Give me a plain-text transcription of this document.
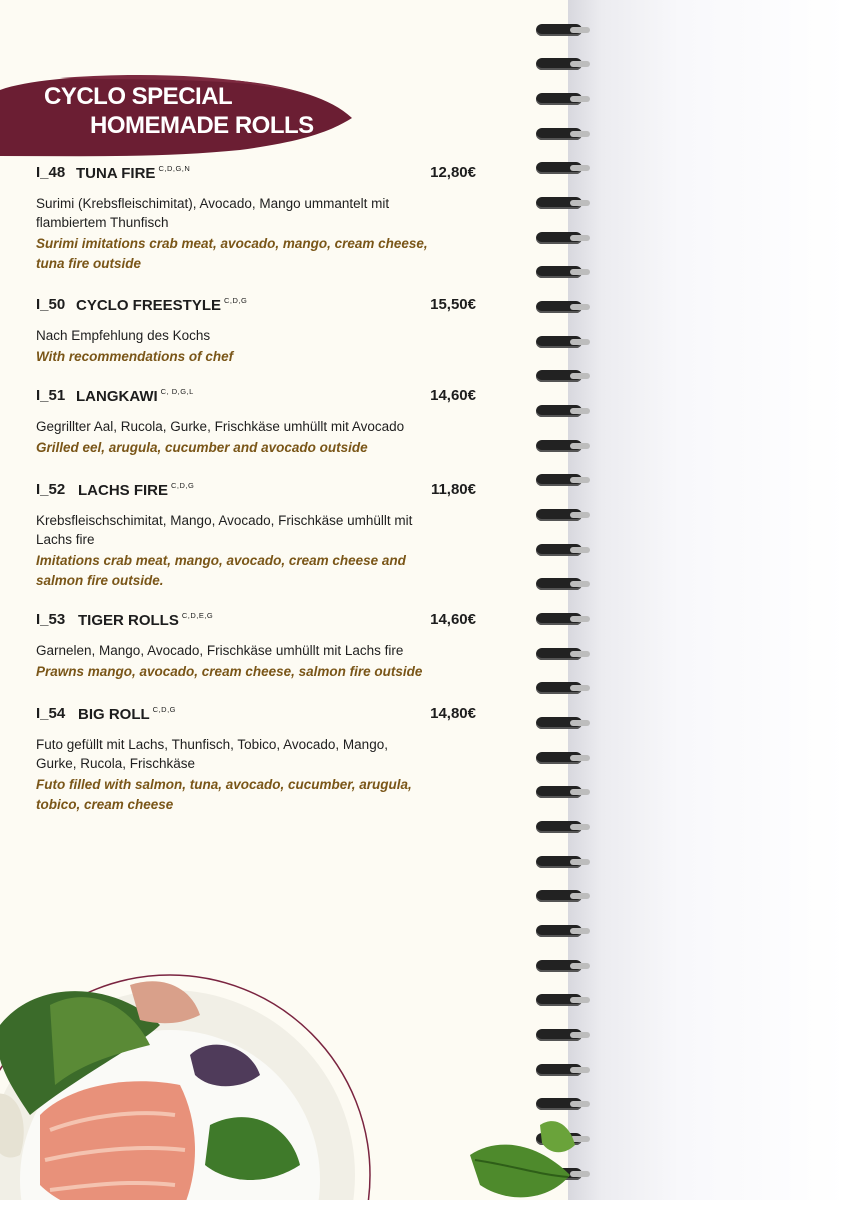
CYCLO SPECIAL
HOMEMADE ROLLS
I_48 TUNA FIRE $^{C,D,G,N}$	12,80€
Surimi (Krebsfleischimitat), Avocado, Mango ummantelt mit flambiertem Thunfisch
Surimi imitations crab meat, avocado, mango, cream cheese, tuna fire outside
I_50 CYCLO FREESTYLE $^{C,D,G}$	15,50€
Nach Empfehlung des Kochs
With recommendations of chef
I_51 LANGKAWI $^{C, D,G,L}$	14,60€
Gegrillter Aal, Rucola, Gurke, Frischkäse umhüllt mit Avocado
Grilled eel, arugula, cucumber and avocado outside
I_52 LACHS FIRE $^{C,D,G}$	11,80€
Krebsfleischschimitat, Mango, Avocado, Frischkäse umhüllt mit Lachs fire
Imitations crab meat, mango, avocado, cream cheese and salmon fire outside.
I_53 TIGER ROLLS $^{C,D,E,G}$	14,60€
Garnelen, Mango, Avocado, Frischkäse umhüllt mit Lachs fire
Prawns mango, avocado, cream cheese, salmon fire outside
I_54 BIG ROLL $^{C,D,G}$	14,80€
Futo gefüllt mit Lachs, Thunfisch, Tobico, Avocado, Mango, Gurke, Rucola, Frischkäse
Futo filled with salmon, tuna, avocado, cucumber, arugula, tobico, cream cheese
